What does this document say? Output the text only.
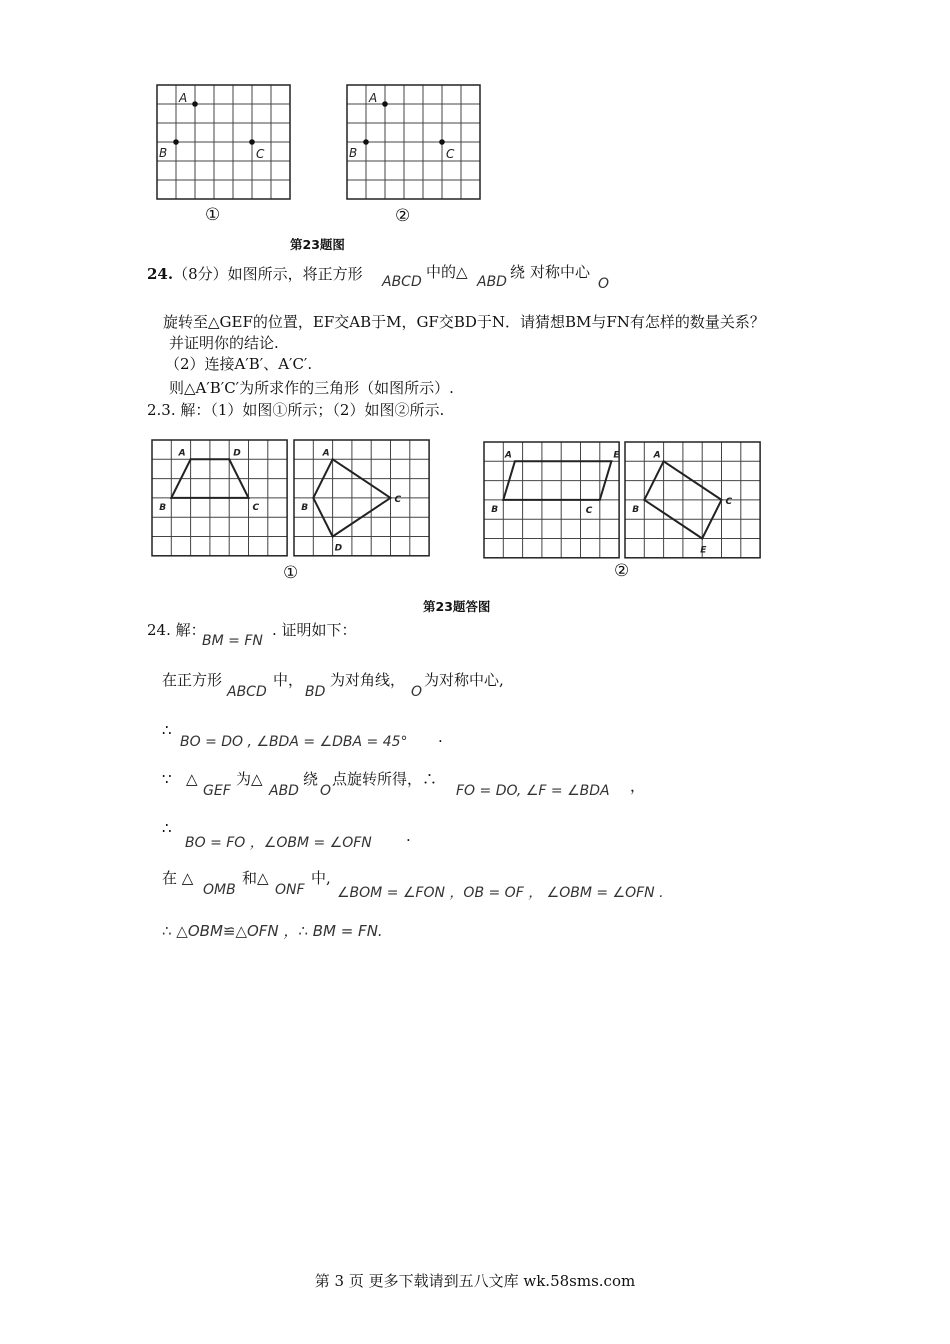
A
B	C
A
B	C
①	②
第23题图
24.（8分）如图所示，将正方形 ABCD
中的△
ABD
绕 对称中心
O
旋转至△GEF的位置，EF交AB于M，GF交BD于N．请猜想BM与FN有怎样的数量关系？
并证明你的结论.
（2）连接A′B′、A′C′.
则△A′B′C′为所求作的三角形（如图所示）.
2.3. 解：（1）如图①所示；（2）如图②所示.
A	D
C
B
A
C
D
B
A	E
C
B
A
C
E
B
①	②
第23题答图
24. 解：
BM = FN
. 证明如下：
在正方形
ABCD
中，
BD
为对角线，
O
为对称中心,
∴
BO = DO , ∠BDA = ∠DBA = 45° .
∵ △
GEF
为△
ABD
绕
O
点旋转所得，∴
FO = DO, ∠F = ∠BDA ，
∴
BO = FO ，∠OBM = ∠OFN .
在 △
OMB
和△
ONF
中,
∠BOM = ∠FON ，OB = OF ， ∠OBM = ∠OFN .
∴ △OBM≌△OFN ，∴ BM = FN.
第 3 页 更多下载请到五八文库 wk.58sms.com
